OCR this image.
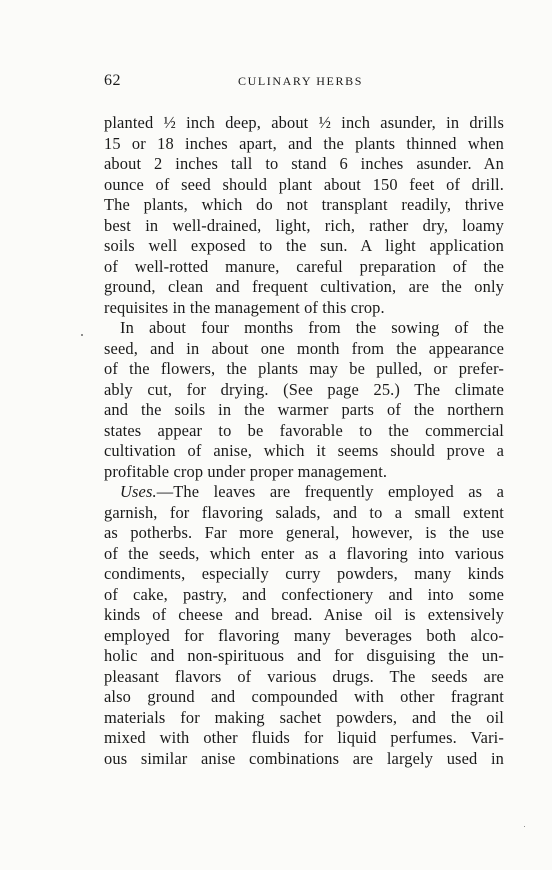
62	CULINARY HERBS
planted ½ inch deep, about ½ inch asunder, in drills
15 or 18 inches apart, and the plants thinned when
about 2 inches tall to stand 6 inches asunder. An
ounce of seed should plant about 150 feet of drill.
The plants, which do not transplant readily, thrive
best in well-drained, light, rich, rather dry, loamy
soils well exposed to the sun. A light application
of well-rotted manure, careful preparation of the
ground, clean and frequent cultivation, are the only
requisites in the management of this crop.
In about four months from the sowing of the
seed, and in about one month from the appearance
of the flowers, the plants may be pulled, or prefer-
ably cut, for drying. (See page 25.) The climate
and the soils in the warmer parts of the northern
states appear to be favorable to the commercial
cultivation of anise, which it seems should prove a
profitable crop under proper management.
Uses.—The leaves are frequently employed as a
garnish, for flavoring salads, and to a small extent
as potherbs. Far more general, however, is the use
of the seeds, which enter as a flavoring into various
condiments, especially curry powders, many kinds
of cake, pastry, and confectionery and into some
kinds of cheese and bread. Anise oil is extensively
employed for flavoring many beverages both alco-
holic and non-spirituous and for disguising the un-
pleasant flavors of various drugs. The seeds are
also ground and compounded with other fragrant
materials for making sachet powders, and the oil
mixed with other fluids for liquid perfumes. Vari-
ous similar anise combinations are largely used in
